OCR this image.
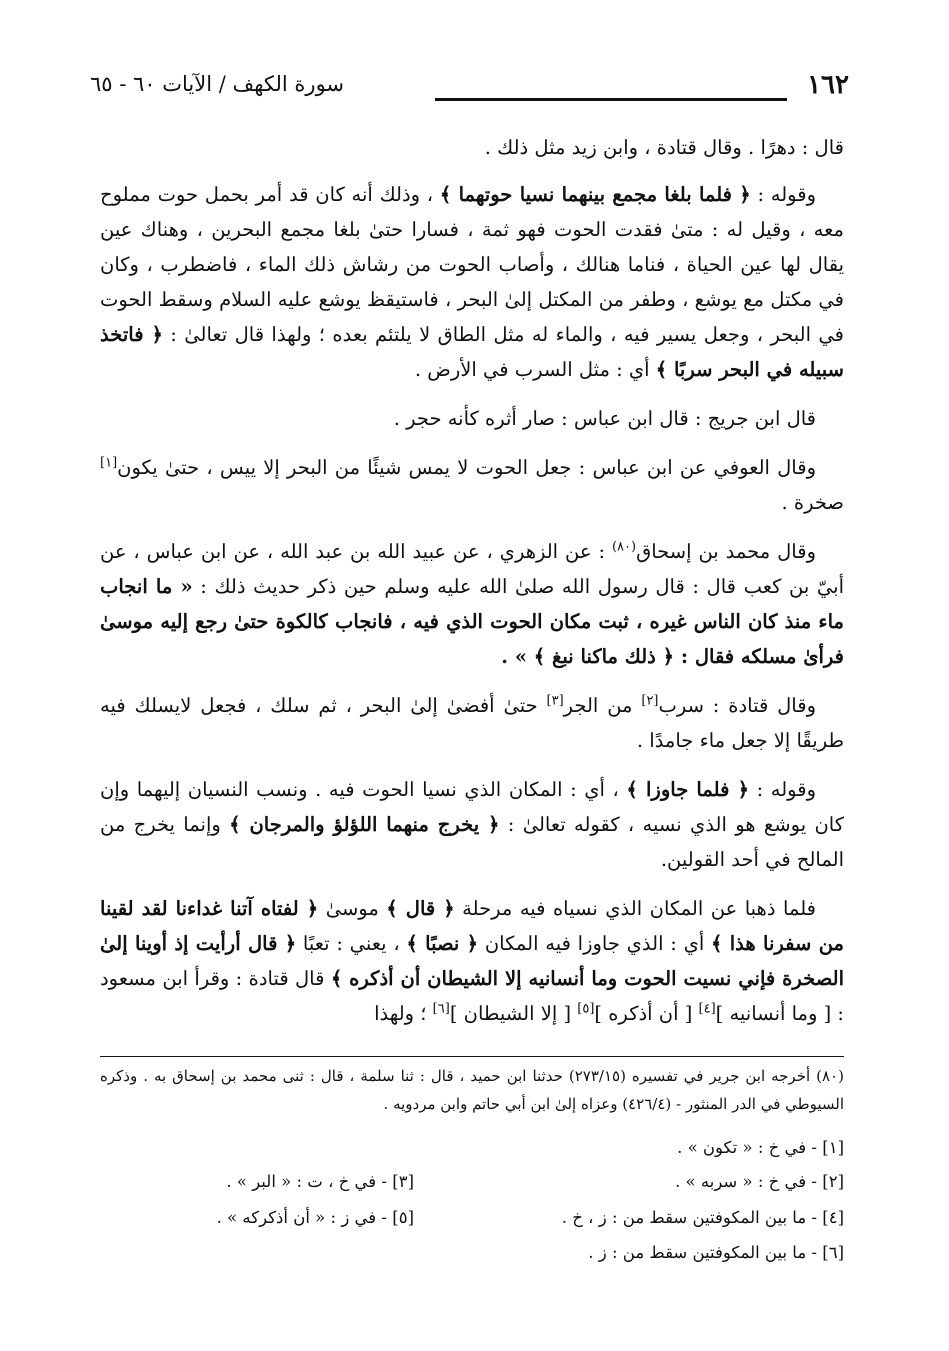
١٦٢
سورة الكهف / الآيات ٦٠ - ٦٥

قال : دهرًا . وقال قتادة ، وابن زيد مثل ذلك .

وقوله : ﴿ فلما بلغا مجمع بينهما نسيا حوتهما ﴾ ، وذلك أنه كان قد أمر بحمل حوت مملوح معه ، وقيل له : متىٰ فقدت الحوت فهو ثمة ، فسارا حتىٰ بلغا مجمع البحرين ، وهناك عين يقال لها عين الحياة ، فناما هنالك ، وأصاب الحوت من رشاش ذلك الماء ، فاضطرب ، وكان في مكتل مع يوشع ، وطفر من المكتل إلىٰ البحر ، فاستيقظ يوشع عليه السلام وسقط الحوت في البحر ، وجعل يسير فيه ، والماء له مثل الطاق لا يلتئم بعده ؛ ولهذا قال تعالىٰ : ﴿ فاتخذ سبيله في البحر سربًا ﴾ أي : مثل السرب في الأرض .

قال ابن جريج : قال ابن عباس : صار أثره كأنه حجر .

وقال العوفي عن ابن عباس : جعل الحوت لا يمس شيئًا من البحر إلا ييس ، حتىٰ يكون[١] صخرة .

وقال محمد بن إسحاق$^{(٨٠)}$ : عن الزهري ، عن عبيد الله بن عبد الله ، عن ابن عباس ، عن أبيّ بن كعب قال : قال رسول الله صلىٰ الله عليه وسلم حين ذكر حديث ذلك : « ما انجاب ماء منذ كان الناس غيره ، ثبت مكان الحوت الذي فيه ، فانجاب كالكوة حتىٰ رجع إليه موسىٰ فرأىٰ مسلكه فقال : ﴿ ذلك ماكنا نبغ ﴾ » .

وقال قتادة : سرب[٢] من الجر[٣] حتىٰ أفضىٰ إلىٰ البحر ، ثم سلك ، فجعل لايسلك فيه طريقًا إلا جعل ماء جامدًا .

وقوله : ﴿ فلما جاوزا ﴾ ، أي : المكان الذي نسيا الحوت فيه . ونسب النسيان إليهما وإن كان يوشع هو الذي نسيه ، كقوله تعالىٰ : ﴿ يخرج منهما اللؤلؤ والمرجان ﴾ وإنما يخرج من المالح في أحد القولين.

فلما ذهبا عن المكان الذي نسياه فيه مرحلة ﴿ قال ﴾ موسىٰ ﴿ لفتاه آتنا غداءنا لقد لقينا من سفرنا هذا ﴾ أي : الذي جاوزا فيه المكان ﴿ نصبًا ﴾ ، يعني : تعبًا ﴿ قال أرأيت إذ أوينا إلىٰ الصخرة فإني نسيت الحوت وما أنسانيه إلا الشيطان أن أذكره ﴾ قال قتادة : وقرأ ابن مسعود : [ وما أنسانيه ][٤] [ أن أذكره ][٥] [ إلا الشيطان ][٦] ؛ ولهذا

(٨٠) أخرجه ابن جرير في تفسيره (٢٧٣/١٥) حدثنا ابن حميد ، قال : ثنا سلمة ، قال : ثنى محمد بن إسحاق به . وذكره السيوطي في الدر المنثور - (٤٢٦/٤) وعزاه إلىٰ ابن أبي حاتم وابن مردويه .
[١] - في خ : « تكون » .
[٢] - في خ : « سربه » .
[٣] - في خ ، ت : « البر » .
[٤] - ما بين المكوفتين سقط من : ز ، خ .
[٥] - في ز : « أن أذكركه » .
[٦] - ما بين المكوفتين سقط من : ز .
